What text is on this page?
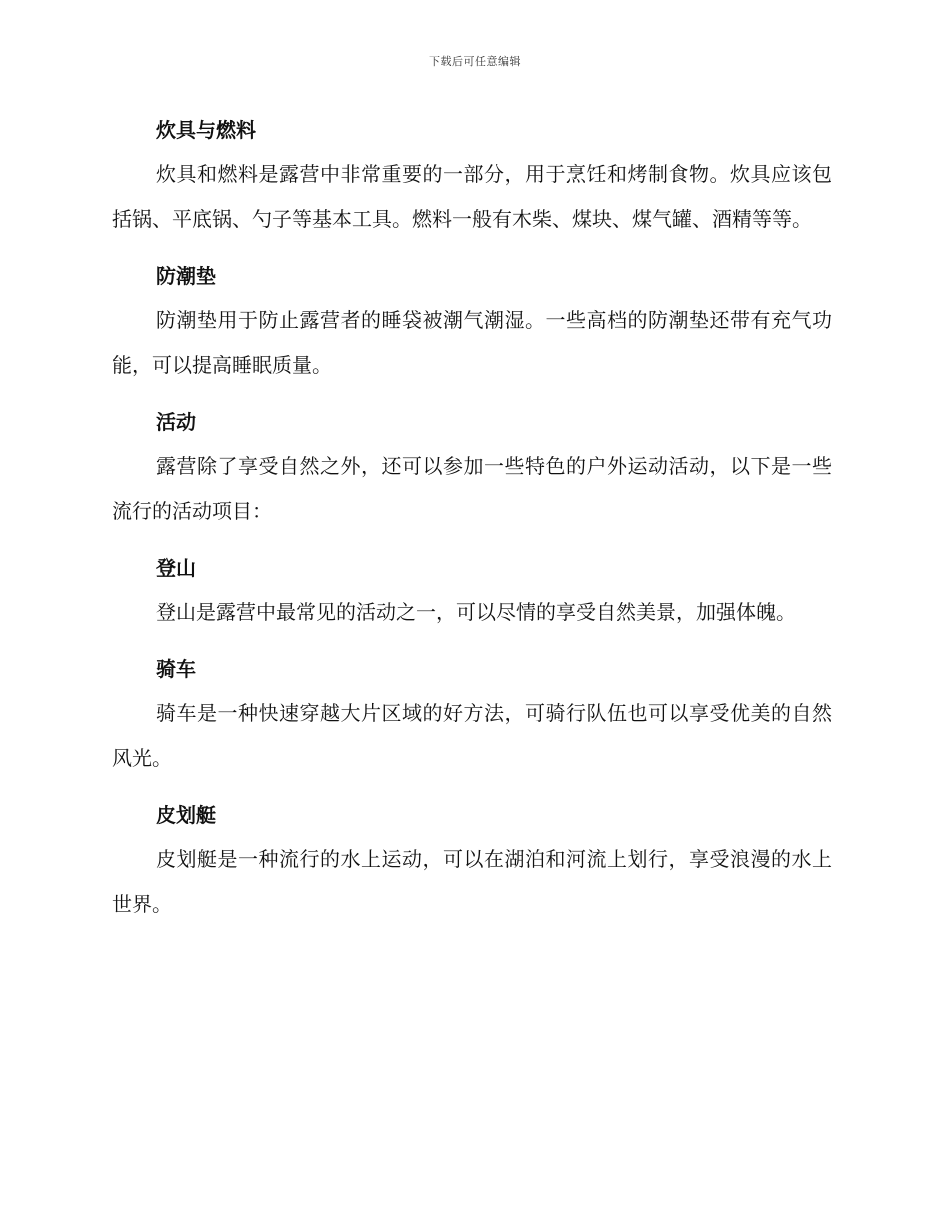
下载后可任意编辑
炊具与燃料

炊具和燃料是露营中非常重要的一部分，用于烹饪和烤制食物。炊具应该包括锅、平底锅、勺子等基本工具。燃料一般有木柴、煤块、煤气罐、酒精等等。

防潮垫

防潮垫用于防止露营者的睡袋被潮气潮湿。一些高档的防潮垫还带有充气功能，可以提高睡眠质量。

活动

露营除了享受自然之外，还可以参加一些特色的户外运动活动，以下是一些流行的活动项目：

登山

登山是露营中最常见的活动之一，可以尽情的享受自然美景，加强体魄。

骑车

骑车是一种快速穿越大片区域的好方法，可骑行队伍也可以享受优美的自然风光。

皮划艇

皮划艇是一种流行的水上运动，可以在湖泊和河流上划行，享受浪漫的水上世界。
